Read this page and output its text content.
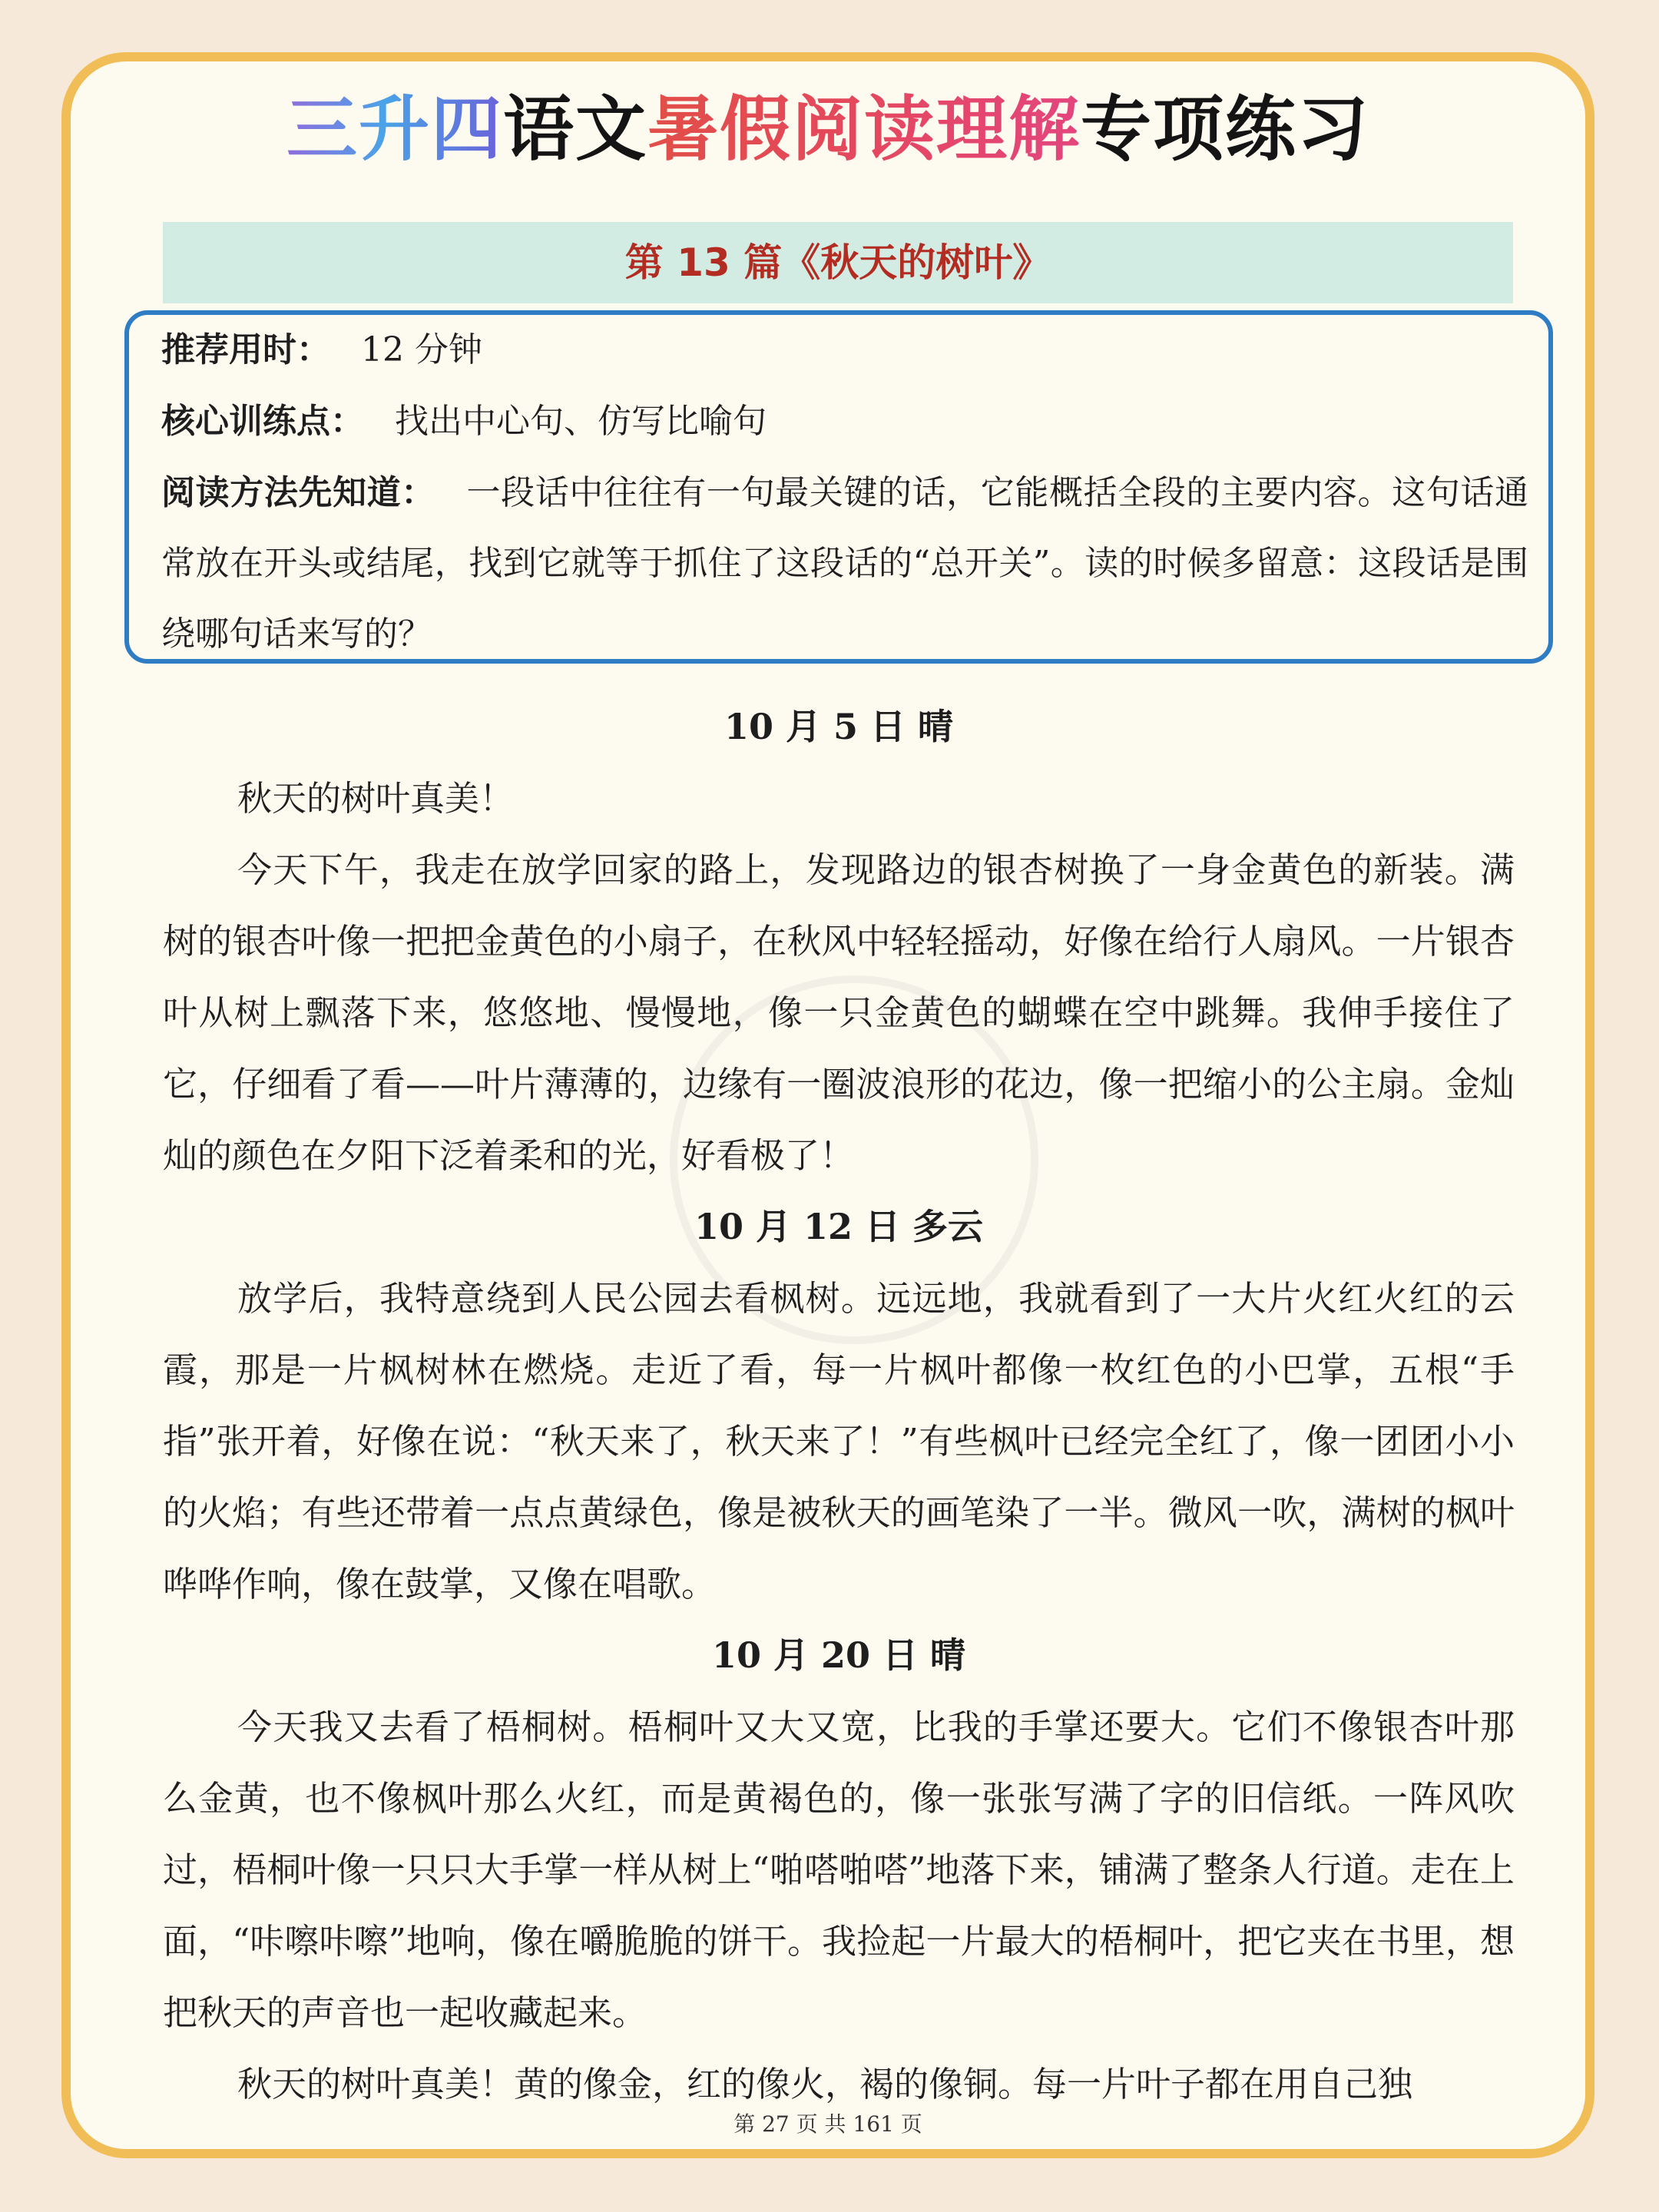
三升四语文暑假阅读理解专项练习
第 13 篇《秋天的树叶》
推荐用时： 12 分钟
核心训练点： 找出中心句、仿写比喻句
阅读方法先知道： 一段话中往往有一句最关键的话，它能概括全段的主要内容。这句话通常放在开头或结尾，找到它就等于抓住了这段话的“总开关”。读的时候多留意：这段话是围绕哪句话来写的？
10 月 5 日 晴

秋天的树叶真美！

今天下午，我走在放学回家的路上，发现路边的银杏树换了一身金黄色的新装。满树的银杏叶像一把把金黄色的小扇子，在秋风中轻轻摇动，好像在给行人扇风。一片银杏叶从树上飘落下来，悠悠地、慢慢地，像一只金黄色的蝴蝶在空中跳舞。我伸手接住了它，仔细看了看——叶片薄薄的，边缘有一圈波浪形的花边，像一把缩小的公主扇。金灿灿的颜色在夕阳下泛着柔和的光，好看极了！

10 月 12 日 多云

放学后，我特意绕到人民公园去看枫树。远远地，我就看到了一大片火红火红的云霞，那是一片枫树林在燃烧。走近了看，每一片枫叶都像一枚红色的小巴掌，五根“手指”张开着，好像在说：“秋天来了，秋天来了！”有些枫叶已经完全红了，像一团团小小的火焰；有些还带着一点点黄绿色，像是被秋天的画笔染了一半。微风一吹，满树的枫叶哗哗作响，像在鼓掌，又像在唱歌。

10 月 20 日 晴

今天我又去看了梧桐树。梧桐叶又大又宽，比我的手掌还要大。它们不像银杏叶那么金黄，也不像枫叶那么火红，而是黄褐色的，像一张张写满了字的旧信纸。一阵风吹过，梧桐叶像一只只大手掌一样从树上“啪嗒啪嗒”地落下来，铺满了整条人行道。走在上面，“咔嚓咔嚓”地响，像在嚼脆脆的饼干。我捡起一片最大的梧桐叶，把它夹在书里，想把秋天的声音也一起收藏起来。

秋天的树叶真美！黄的像金，红的像火，褐的像铜。每一片叶子都在用自己独

第 27 页 共 161 页
